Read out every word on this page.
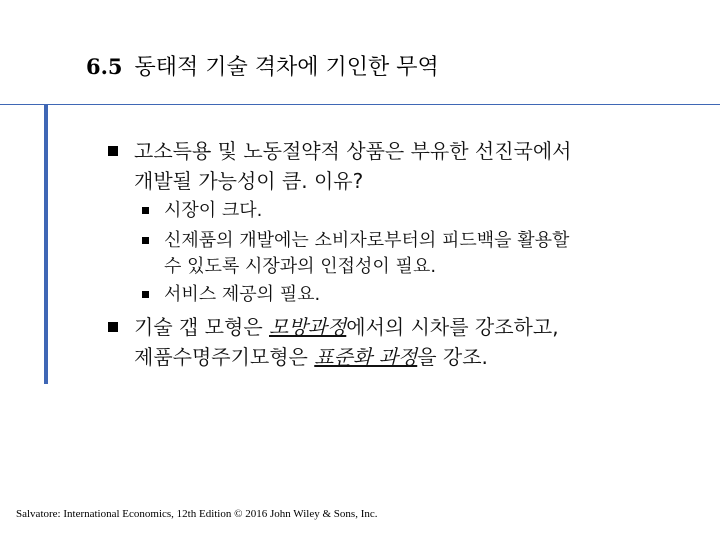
6.5 동태적 기술 격차에 기인한 무역
고소득용 및 노동절약적 상품은 부유한 선진국에서
개발될 가능성이 큼. 이유?
시장이 크다.
신제품의 개발에는 소비자로부터의 피드백을 활용할
수 있도록 시장과의 인접성이 필요.
서비스 제공의 필요.
기술 갭 모형은 모방과정에서의 시차를 강조하고,
제품수명주기모형은 표준화 과정을 강조.
Salvatore: International Economics, 12th Edition © 2016 John Wiley & Sons, Inc.
